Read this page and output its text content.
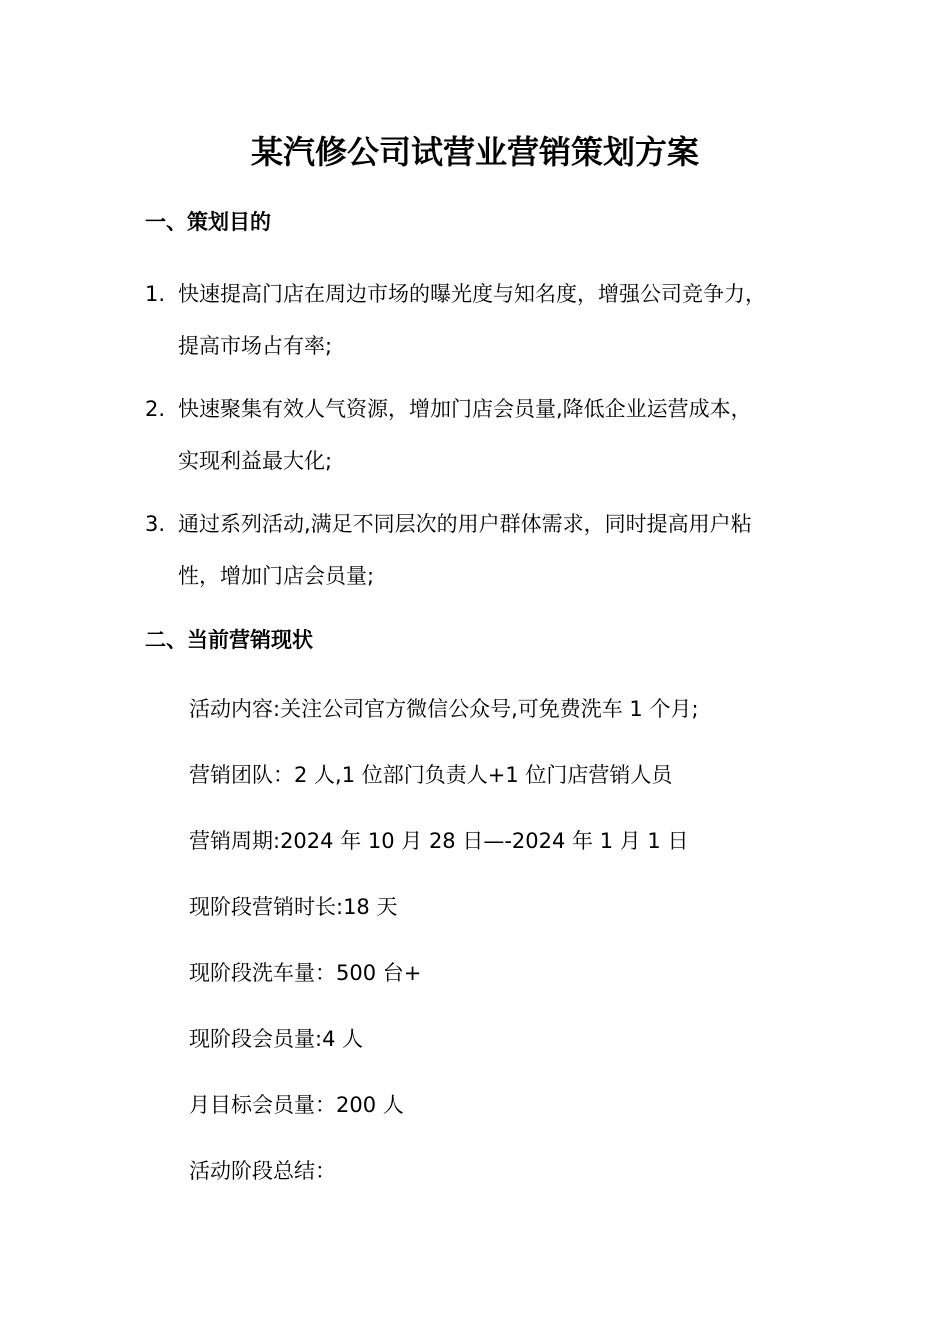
某汽修公司试营业营销策划方案
一、策划目的
1. 快速提高门店在周边市场的曝光度与知名度，增强公司竞争力，
提高市场占有率;
2. 快速聚集有效人气资源，增加门店会员量,降低企业运营成本，
实现利益最大化;
3. 通过系列活动,满足不同层次的用户群体需求，同时提高用户粘
性，增加门店会员量;
二、当前营销现状

活动内容:关注公司官方微信公众号,可免费洗车 1 个月;

营销团队：2 人,1 位部门负责人+1 位门店营销人员

营销周期:2024 年 10 月 28 日—-2024 年 1 月 1 日

现阶段营销时长:18 天

现阶段洗车量：500 台+

现阶段会员量:4 人

月目标会员量：200 人

活动阶段总结：
